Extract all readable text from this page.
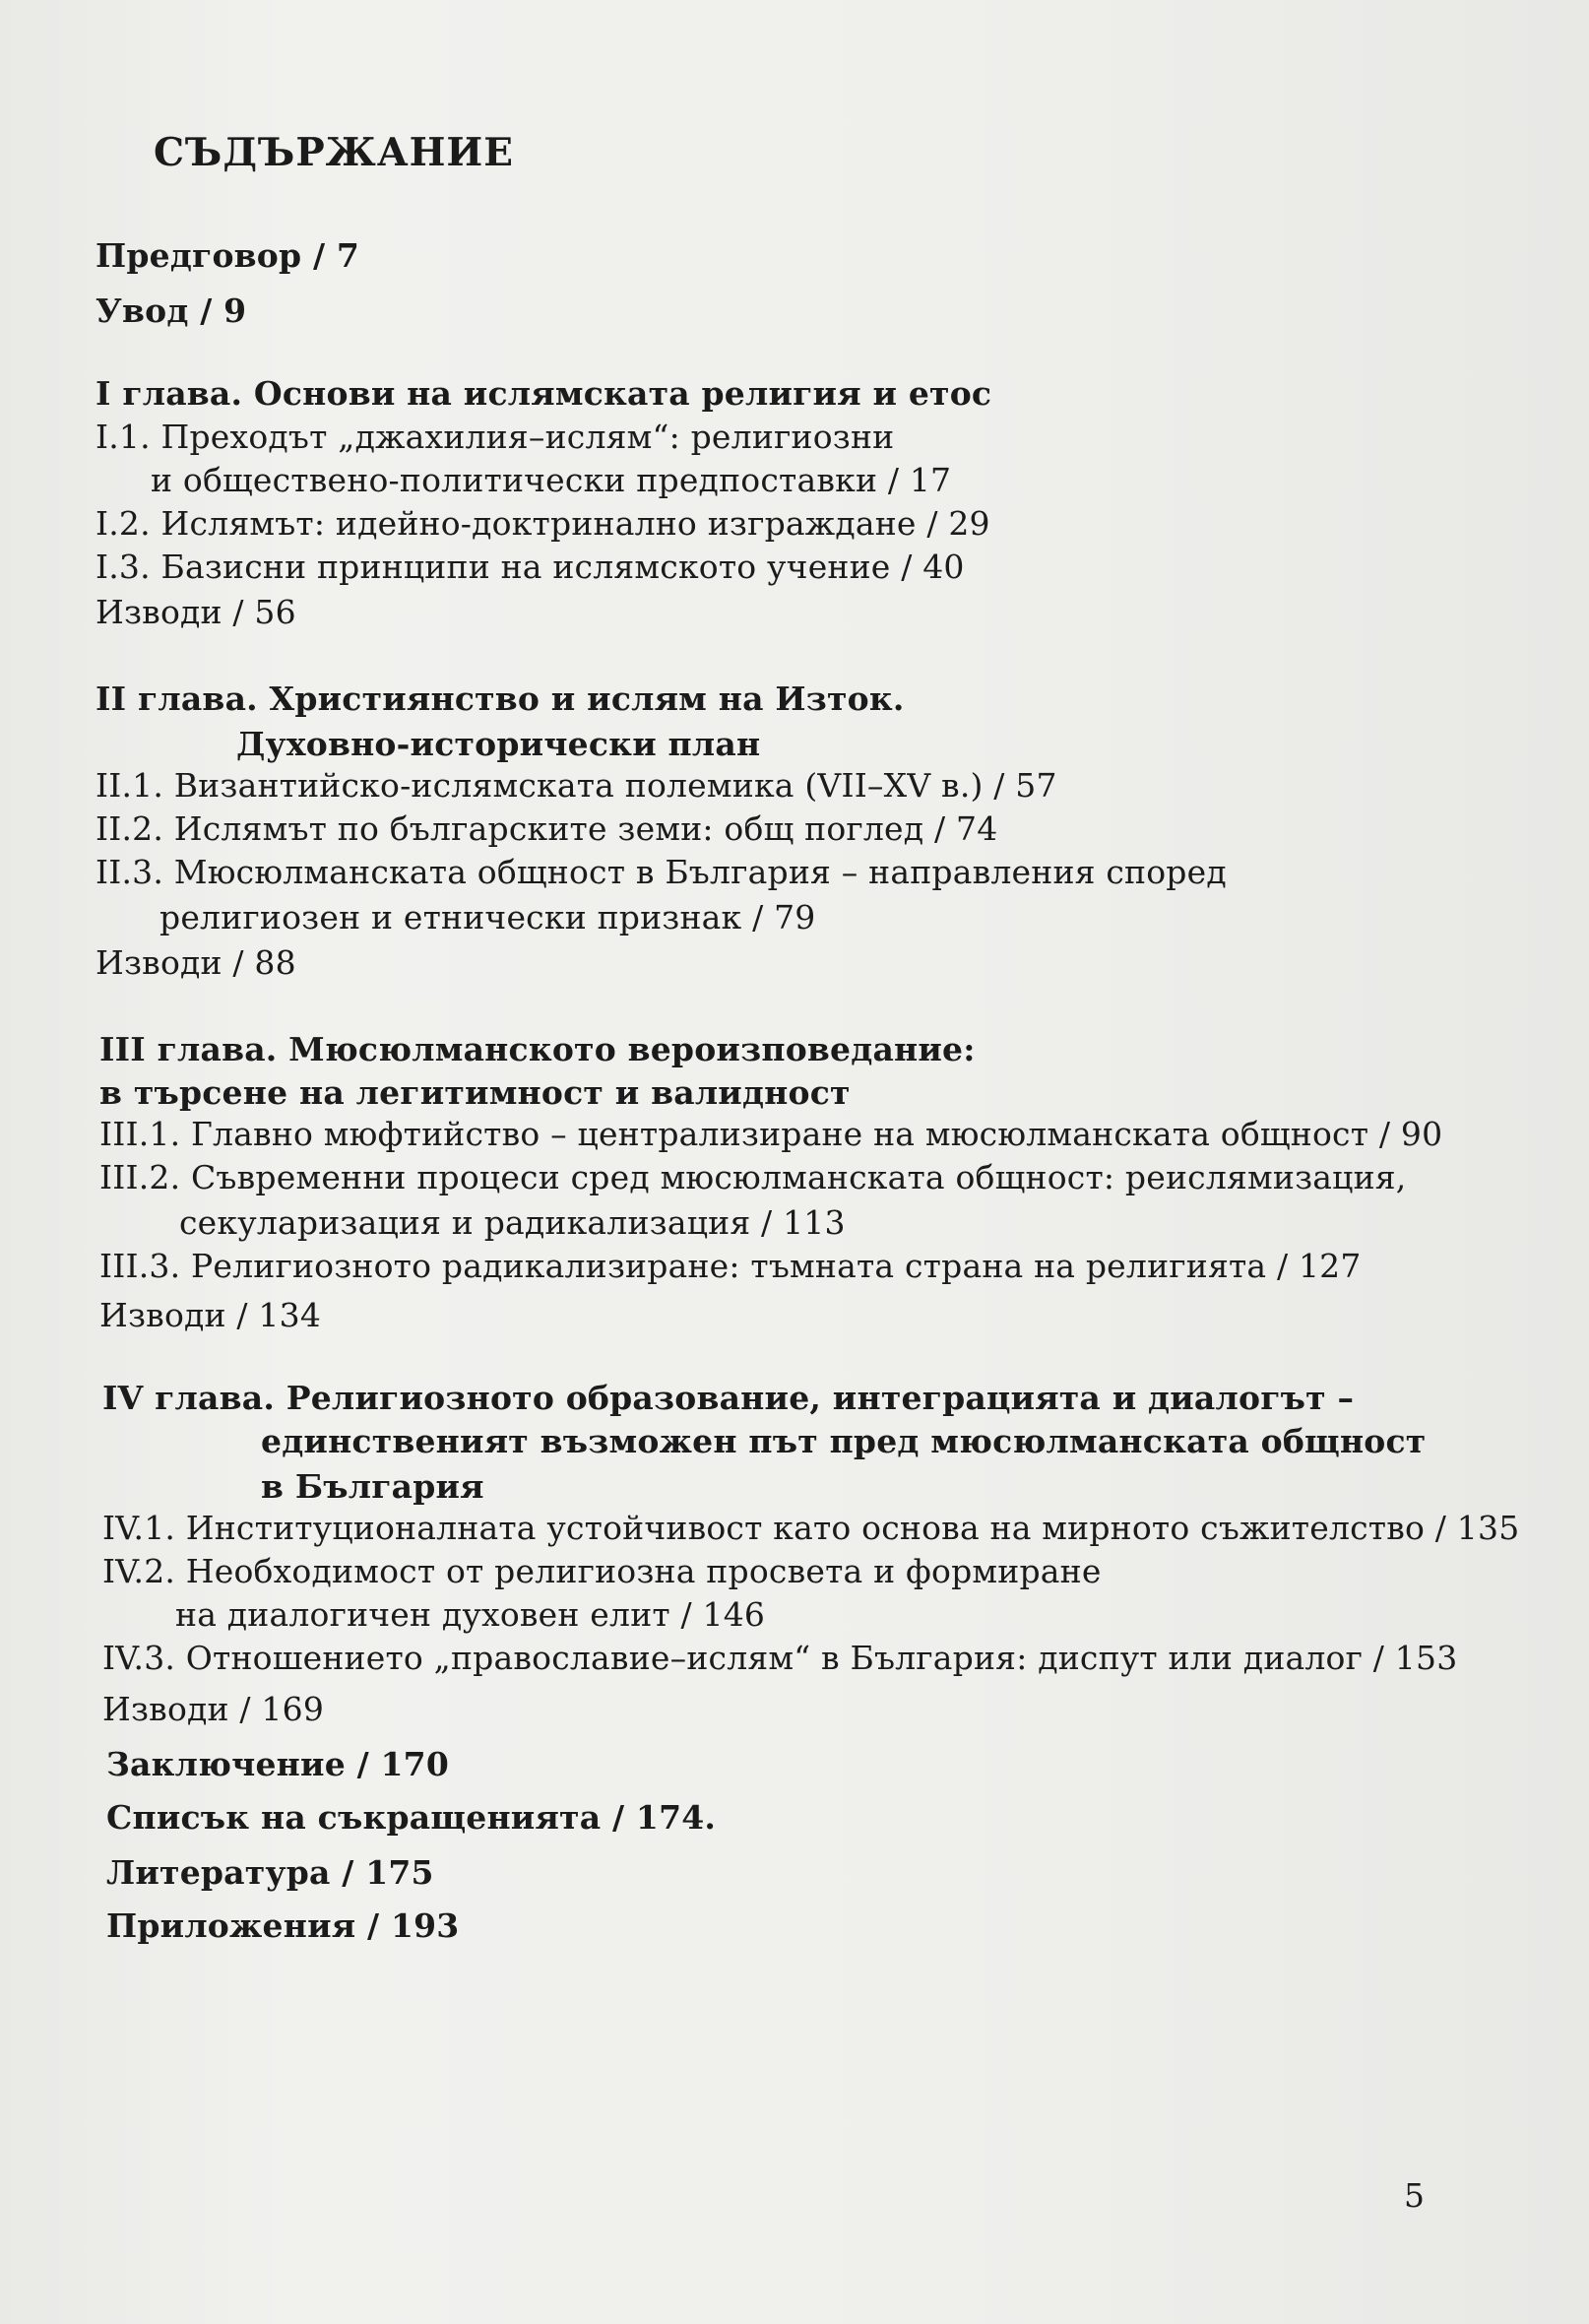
СЪДЪРЖАНИЕ
Предговор / 7
Увод / 9
I глава. Основи на ислямската религия и етос
I.1. Преходът „джахилия–ислям“: религиозни
и обществено-политически предпоставки / 17
I.2. Ислямът: идейно-доктринално изграждане / 29
I.3. Базисни принципи на ислямското учение / 40
Изводи / 56
II глава. Християнство и ислям на Изток.
Духовно-исторически план
II.1. Византийско-ислямската полемика (VII–XV в.) / 57
II.2. Ислямът по българските земи: общ поглед / 74
II.3. Мюсюлманската общност в България – направления според
религиозен и етнически признак / 79
Изводи / 88
III глава. Мюсюлманското вероизповедание:
в търсене на легитимност и валидност
III.1. Главно мюфтийство – централизиране на мюсюлманската общност / 90
III.2. Съвременни процеси сред мюсюлманската общност: реислямизация,
секуларизация и радикализация / 113
III.3. Религиозното радикализиране: тъмната страна на религията / 127
Изводи / 134
IV глава. Религиозното образование, интеграцията и диалогът –
единственият възможен път пред мюсюлманската общност
в България
IV.1. Институционалната устойчивост като основа на мирното съжителство / 135
IV.2. Необходимост от религиозна просвета и формиране
на диалогичен духовен елит / 146
IV.3. Отношението „православие–ислям“ в България: диспут или диалог / 153
Изводи / 169
Заключение / 170
Списък на съкращенията / 174.
Литература / 175
Приложения / 193
5
